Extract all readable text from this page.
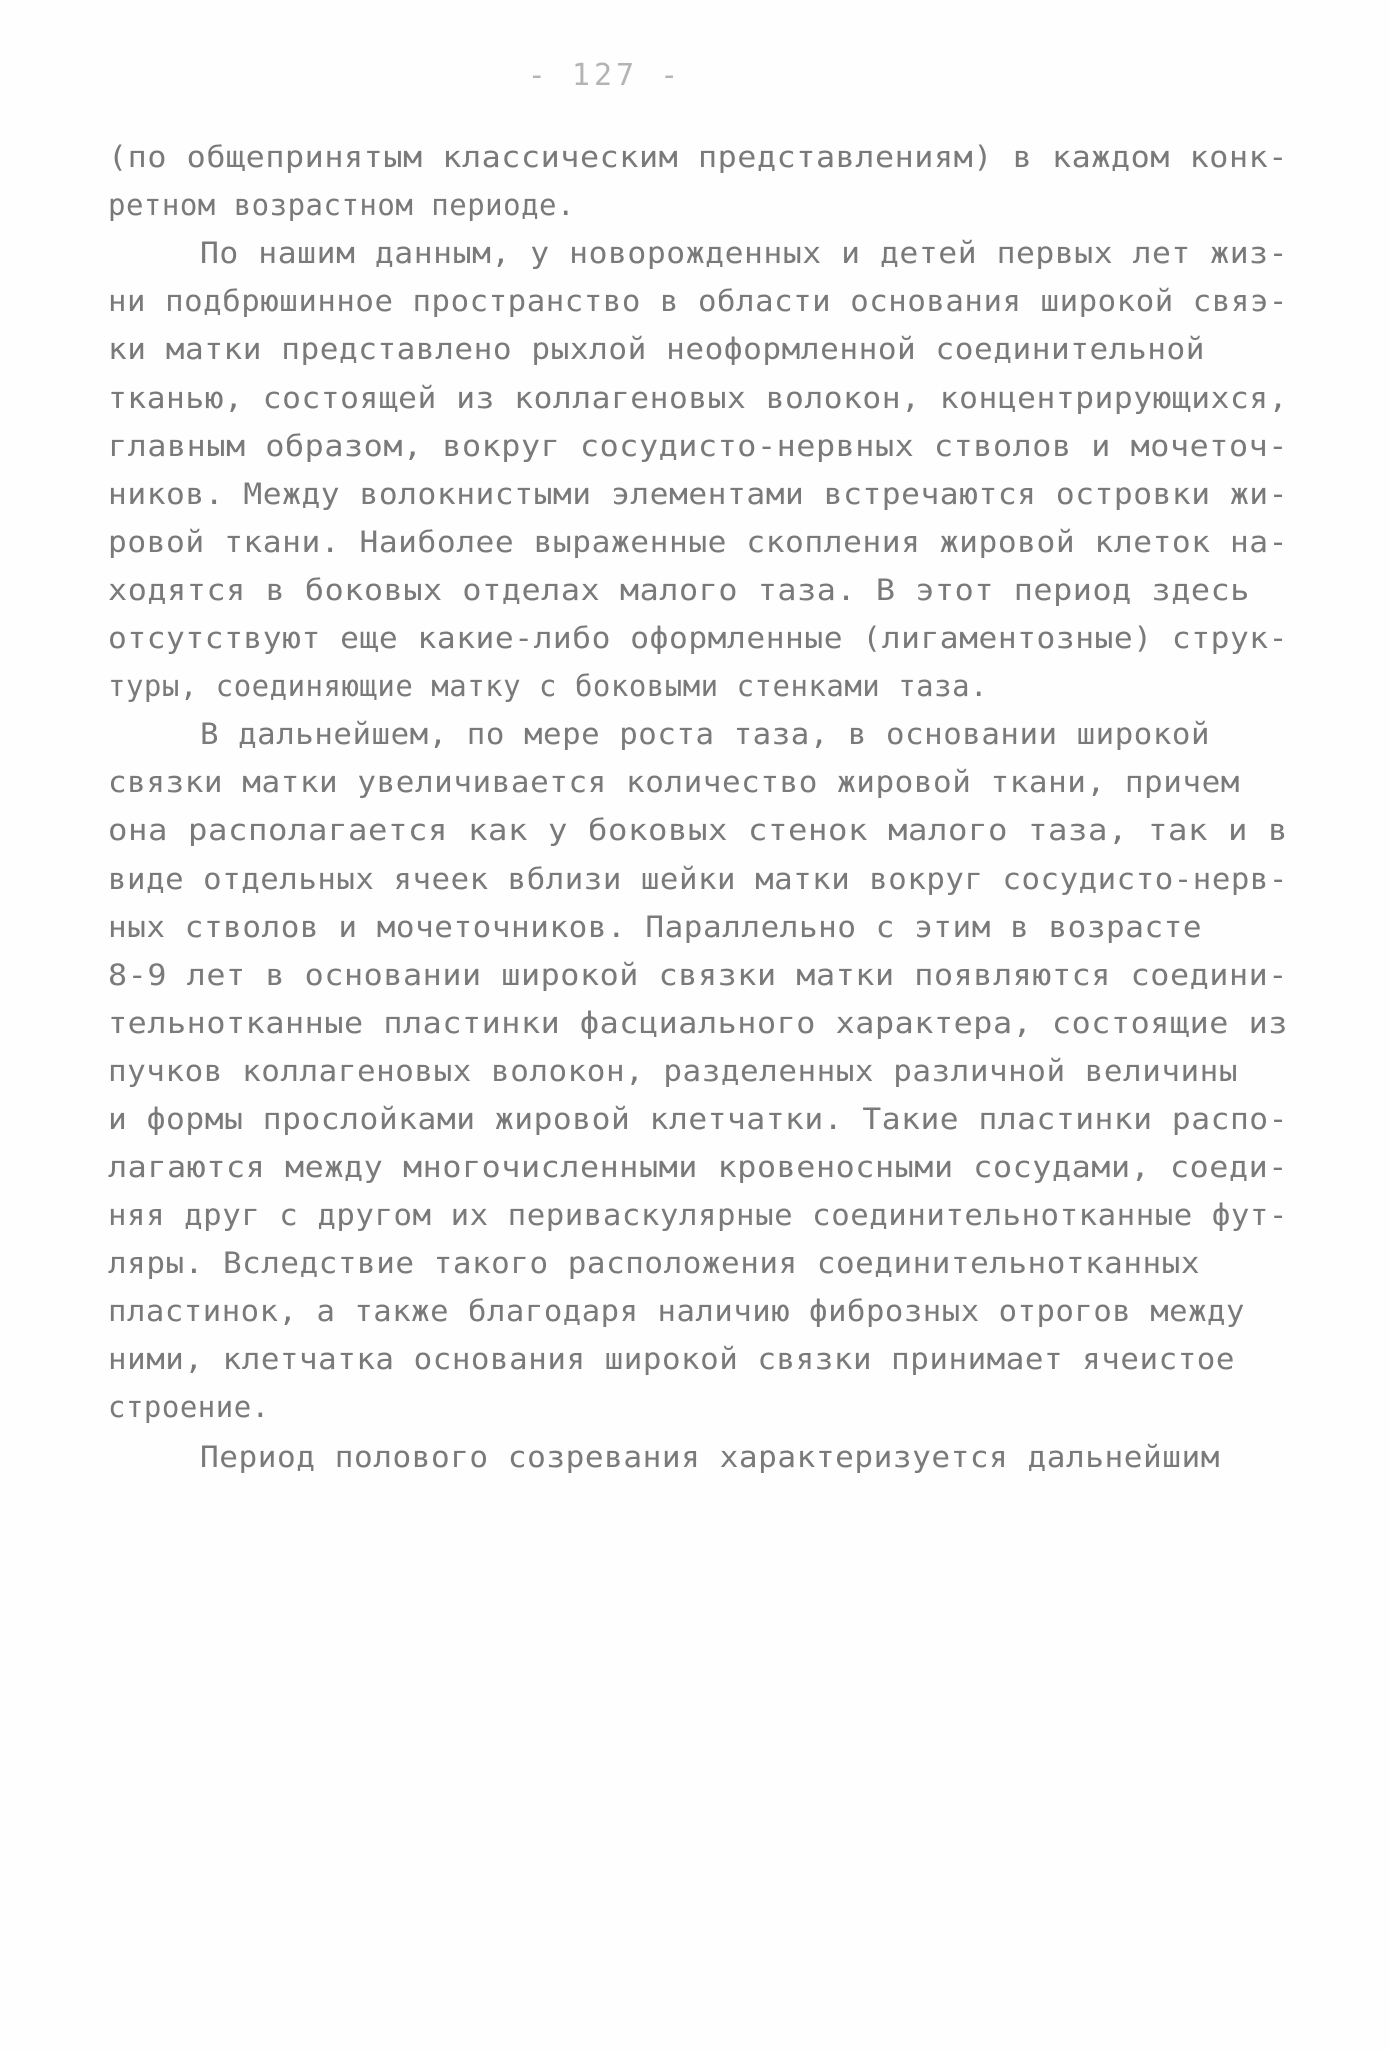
- 127 -
(по общепринятым классическим представлениям) в каждом конк-
ретном возрастном периоде.
По нашим данным, у новорожденных и детей первых лет жиз-
ни подбрюшинное пространство в области основания широкой свяэ-
ки матки представлено рыхлой неоформленной соединительной
тканью, состоящей из коллагеновых волокон, концентрирующихся,
главным образом, вокруг сосудисто-нервных стволов и мочеточ-
ников. Между волокнистыми элементами встречаются островки жи-
ровой ткани. Наиболее выраженные скопления жировой клеток на-
ходятся в боковых отделах малого таза. В этот период здесь
отсутствуют еще какие-либо оформленные (лигаментозные) струк-
туры, соединяющие матку с боковыми стенками таза.
В дальнейшем, по мере роста таза, в основании широкой
связки матки увеличивается количество жировой ткани, причем
она располагается как у боковых стенок малого таза, так и в
виде отдельных ячеек вблизи шейки матки вокруг сосудисто-нерв-
ных стволов и мочеточников. Параллельно с этим в возрасте
8-9 лет в основании широкой связки матки появляются соедини-
тельнотканные пластинки фасциального характера, состоящие из
пучков коллагеновых волокон, разделенных различной величины
и формы прослойками жировой клетчатки. Такие пластинки распо-
лагаются между многочисленными кровеносными сосудами, соеди-
няя друг с другом их периваскулярные соединительнотканные фут-
ляры. Вследствие такого расположения соединительнотканных
пластинок, а также благодаря наличию фиброзных отрогов между
ними, клетчатка основания широкой связки принимает ячеистое
строение.
Период полового созревания характеризуется дальнейшим
